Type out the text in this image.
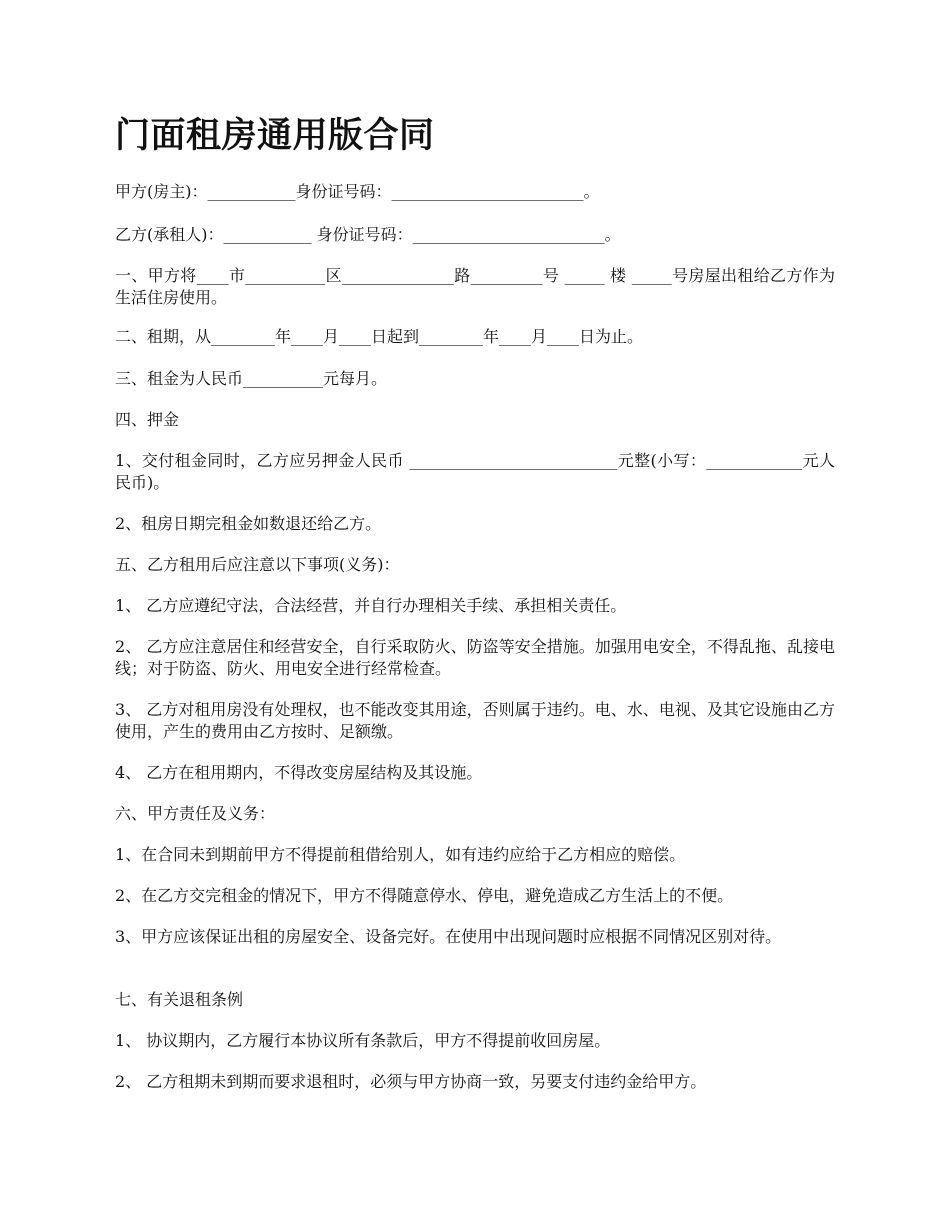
门面租房通用版合同

甲方(房主)：___________身份证号码：________________________。

乙方(承租人)：___________ 身份证号码：________________________。

一、甲方将____市__________区______________路_________号 _____ 楼 _____号房屋出租给乙方作为生活住房使用。

二、租期，从________年____月____日起到________年____月____日为止。

三、租金为人民币__________元每月。

四、押金

1、交付租金同时，乙方应另押金人民币 __________________________元整(小写：____________元人民币)。

2、租房日期完租金如数退还给乙方。

五、乙方租用后应注意以下事项(义务)：

1、 乙方应遵纪守法，合法经营，并自行办理相关手续、承担相关责任。

2、 乙方应注意居住和经营安全，自行采取防火、防盗等安全措施。加强用电安全，不得乱拖、乱接电线；对于防盗、防火、用电安全进行经常检查。

3、 乙方对租用房没有处理权，也不能改变其用途，否则属于违约。电、水、电视、及其它设施由乙方使用，产生的费用由乙方按时、足额缴。

4、 乙方在租用期内，不得改变房屋结构及其设施。

六、甲方责任及义务：

1、在合同未到期前甲方不得提前租借给别人，如有违约应给于乙方相应的赔偿。

2、在乙方交完租金的情况下，甲方不得随意停水、停电，避免造成乙方生活上的不便。

3、甲方应该保证出租的房屋安全、设备完好。在使用中出现问题时应根据不同情况区别对待。

七、有关退租条例

1、 协议期内，乙方履行本协议所有条款后，甲方不得提前收回房屋。

2、 乙方租期未到期而要求退租时，必须与甲方协商一致，另要支付违约金给甲方。
